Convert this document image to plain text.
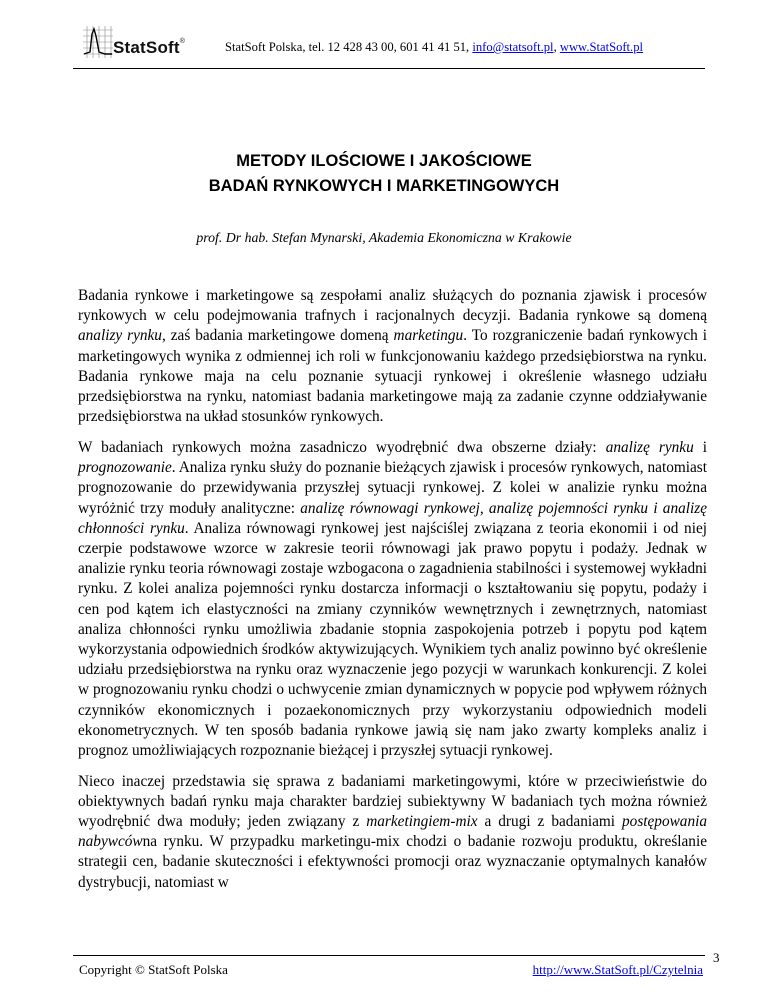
StatSoft®	StatSoft Polska, tel. 12 428 43 00, 601 41 41 51, info@statsoft.pl, www.StatSoft.pl
METODY ILOŚCIOWE I JAKOŚCIOWE
BADAŃ RYNKOWYCH I MARKETINGOWYCH
prof. Dr hab. Stefan Mynarski, Akademia Ekonomiczna w Krakowie

Badania rynkowe i marketingowe są zespołami analiz służących do poznania zjawisk i procesów rynkowych w celu podejmowania trafnych i racjonalnych decyzji. Badania rynkowe są domeną analizy rynku, zaś badania marketingowe domeną marketingu. To rozgraniczenie badań rynkowych i marketingowych wynika z odmiennej ich roli w funkcjonowaniu każdego przedsiębiorstwa na rynku. Badania rynkowe maja na celu poznanie sytuacji rynkowej i określenie własnego udziału przedsiębiorstwa na rynku, natomiast badania marketingowe mają za zadanie czynne oddziaływanie przedsiębiorstwa na układ stosunków rynkowych.

W badaniach rynkowych można zasadniczo wyodrębnić dwa obszerne działy: analizę rynku i prognozowanie. Analiza rynku służy do poznanie bieżących zjawisk i procesów rynkowych, natomiast prognozowanie do przewidywania przyszłej sytuacji rynkowej. Z kolei w analizie rynku można wyróżnić trzy moduły analityczne: analizę równowagi rynkowej, analizę pojemności rynku i analizę chłonności rynku. Analiza równowagi rynkowej jest najściślej związana z teoria ekonomii i od niej czerpie podstawowe wzorce w zakresie teorii równowagi jak prawo popytu i podaży. Jednak w analizie rynku teoria równowagi zostaje wzbogacona o zagadnienia stabilności i systemowej wykładni rynku. Z kolei analiza pojemności rynku dostarcza informacji o kształtowaniu się popytu, podaży i cen pod kątem ich elastyczności na zmiany czynników wewnętrznych i zewnętrznych, natomiast analiza chłonności rynku umożliwia zbadanie stopnia zaspokojenia potrzeb i popytu pod kątem wykorzystania odpowiednich środków aktywizujących. Wynikiem tych analiz powinno być określenie udziału przedsiębiorstwa na rynku oraz wyznaczenie jego pozycji w warunkach konkurencji. Z kolei w prognozowaniu rynku chodzi o uchwycenie zmian dynamicznych w popycie pod wpływem różnych czynników ekonomicznych i pozaekonomicznych przy wykorzystaniu odpowiednich modeli ekonometrycznych. W ten sposób badania rynkowe jawią się nam jako zwarty kompleks analiz i prognoz umożliwiających rozpoznanie bieżącej i przyszłej sytuacji rynkowej.

Nieco inaczej przedstawia się sprawa z badaniami marketingowymi, które w przeciwieństwie do obiektywnych badań rynku maja charakter bardziej subiektywny W badaniach tych można również wyodrębnić dwa moduły; jeden związany z marketingiem-mix a drugi z badaniami postępowania nabywcówna rynku. W przypadku marketingu-mix chodzi o badanie rozwoju produktu, określanie strategii cen, badanie skuteczności i efektywności promocji oraz wyznaczanie optymalnych kanałów dystrybucji, natomiast w

Copyright © StatSoft Polska	http://www.StatSoft.pl/Czytelnia
3
